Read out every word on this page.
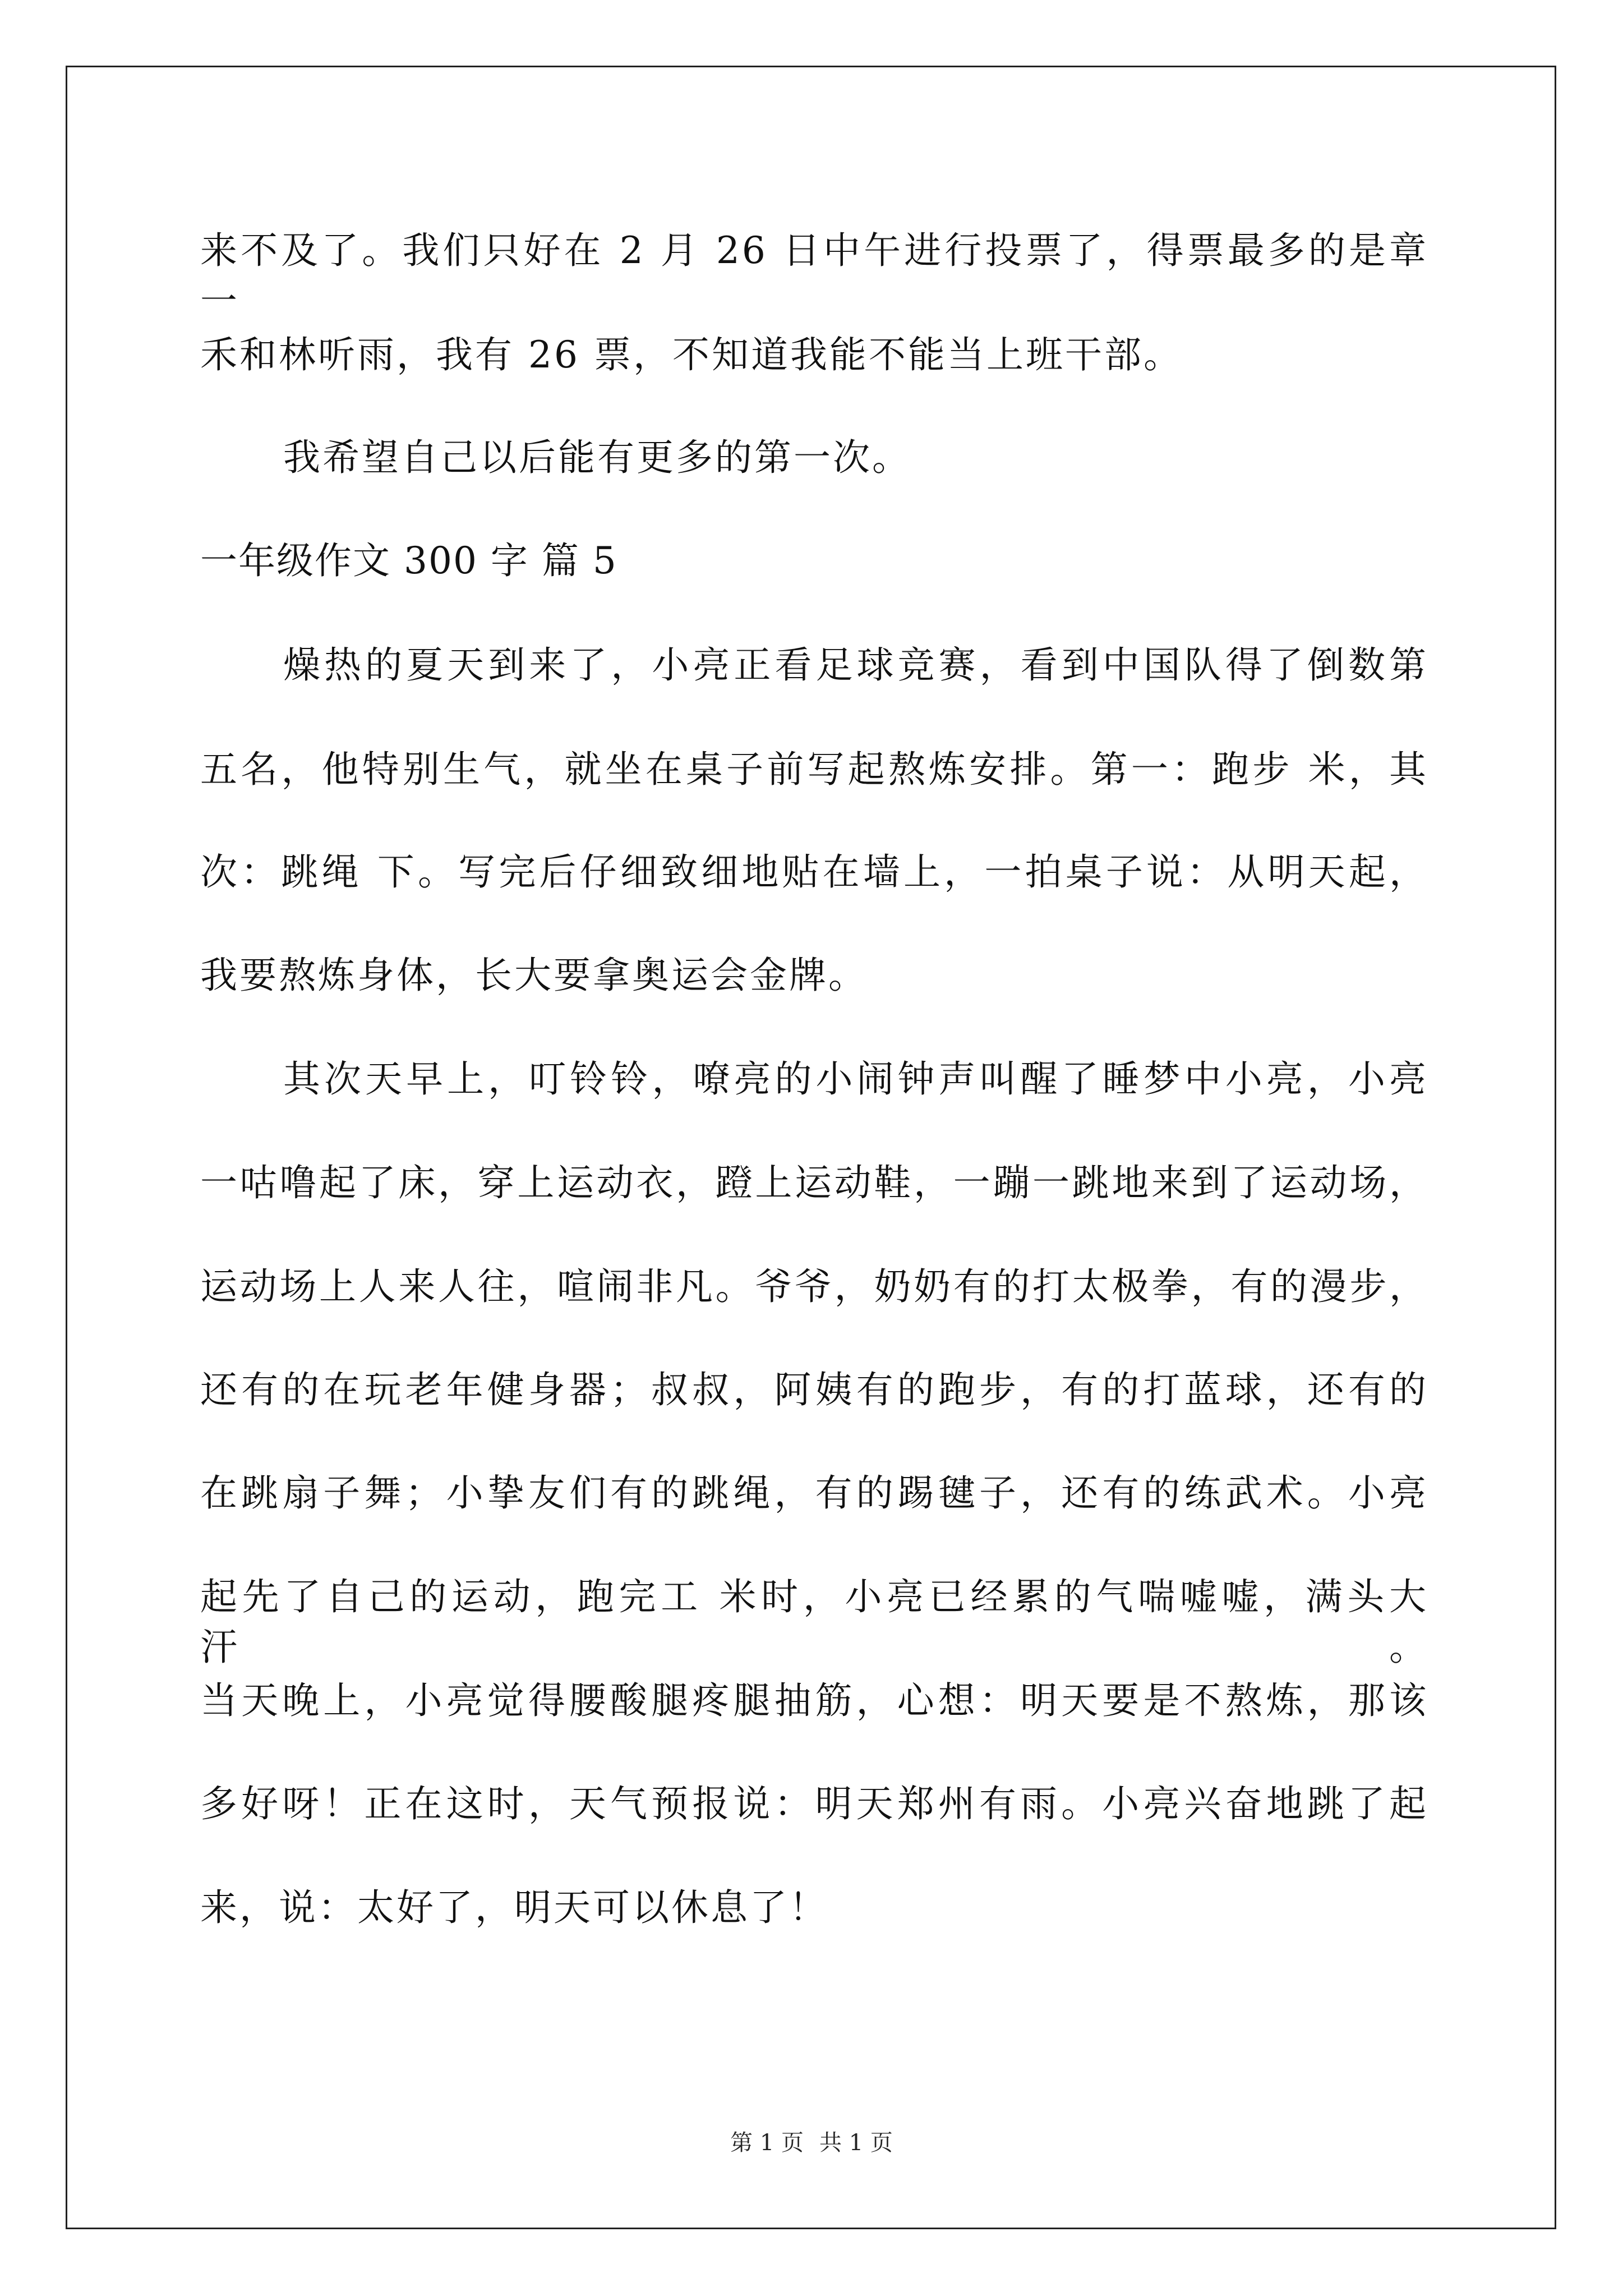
来不及了。我们只好在 2 月 26 日中午进行投票了，得票最多的是章一
禾和林听雨，我有 26 票，不知道我能不能当上班干部。
我希望自己以后能有更多的第一次。
一年级作文 300 字 篇 5
燥热的夏天到来了，小亮正看足球竞赛，看到中国队得了倒数第
五名，他特别生气，就坐在桌子前写起熬炼安排。第一：跑步 米，其
次：跳绳 下。写完后仔细致细地贴在墙上，一拍桌子说：从明天起，
我要熬炼身体，长大要拿奥运会金牌。
其次天早上，叮铃铃，嘹亮的小闹钟声叫醒了睡梦中小亮，小亮
一咕噜起了床，穿上运动衣，蹬上运动鞋，一蹦一跳地来到了运动场，
运动场上人来人往，喧闹非凡。爷爷，奶奶有的打太极拳，有的漫步，
还有的在玩老年健身器；叔叔，阿姨有的跑步，有的打蓝球，还有的
在跳扇子舞；小挚友们有的跳绳，有的踢毽子，还有的练武术。小亮
起先了自己的运动，跑完工 米时，小亮已经累的气喘嘘嘘，满头大汗。
当天晚上，小亮觉得腰酸腿疼腿抽筋，心想：明天要是不熬炼，那该
多好呀！正在这时，天气预报说：明天郑州有雨。小亮兴奋地跳了起
来，说：太好了，明天可以休息了！
第 1 页 共 1 页
